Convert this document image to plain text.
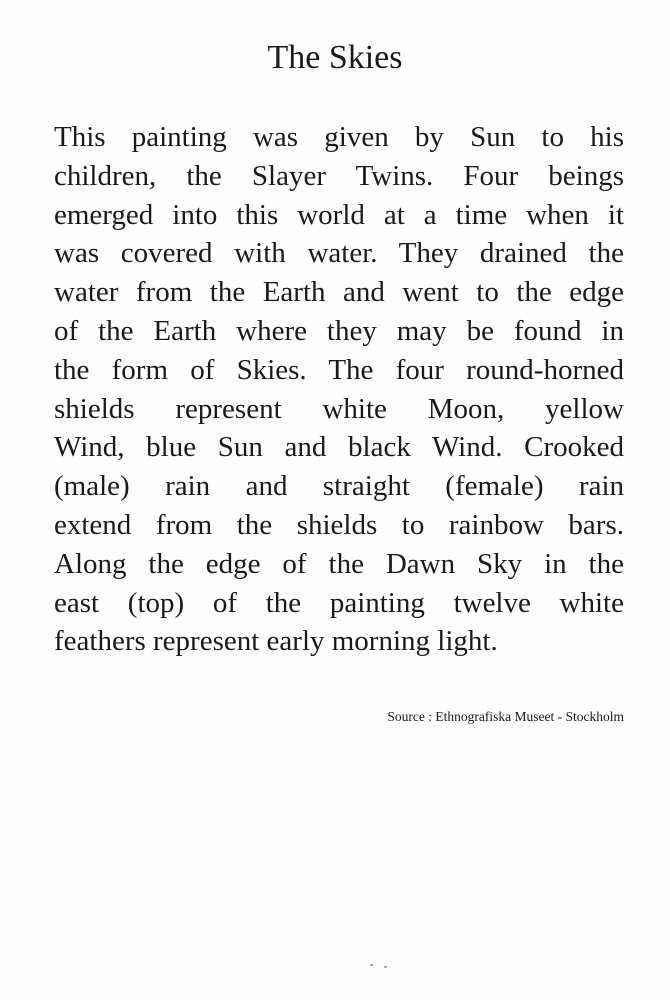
The Skies
This painting was given by Sun to his
children, the Slayer Twins. Four beings
emerged into this world at a time when it
was covered with water. They drained the
water from the Earth and went to the edge
of the Earth where they may be found in
the form of Skies. The four round-horned
shields represent white Moon, yellow
Wind, blue Sun and black Wind. Crooked
(male) rain and straight (female) rain
extend from the shields to rainbow bars.
Along the edge of the Dawn Sky in the
east (top) of the painting twelve white
feathers represent early morning light.

Source : Ethnografiska Museet - Stockholm
